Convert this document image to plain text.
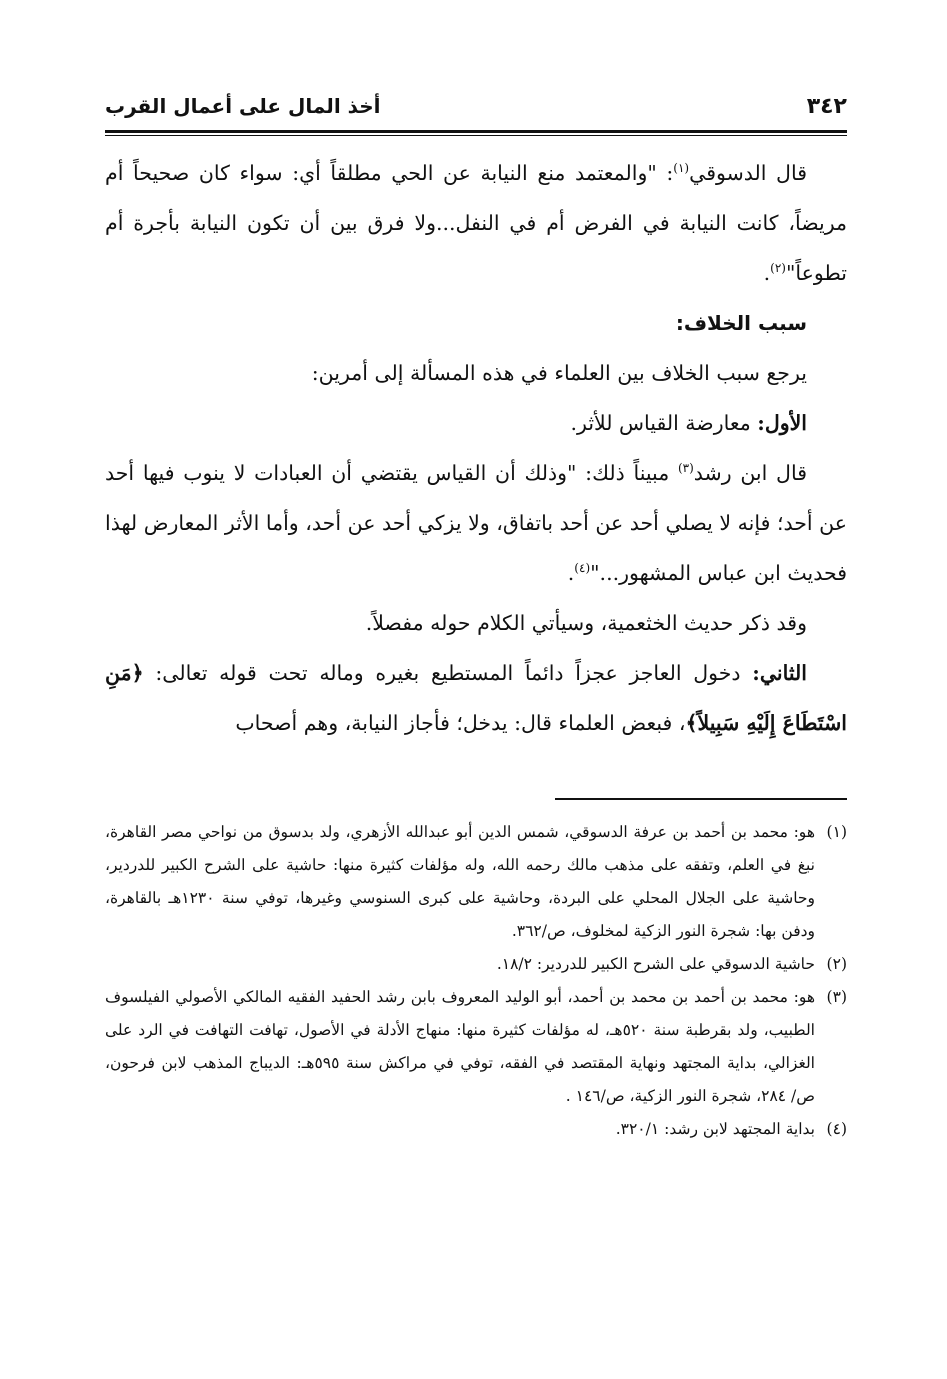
٣٤٢
أخذ المال على أعمال القرب

قال الدسوقي$^{(١)}$: "والمعتمد منع النيابة عن الحي مطلقاً أي: سواء كان صحيحاً أم مريضاً، كانت النيابة في الفرض أم في النفل...ولا فرق بين أن تكون النيابة بأجرة أم تطوعاً"$^{(٢)}$.

سبب الخلاف:

يرجع سبب الخلاف بين العلماء في هذه المسألة إلى أمرين:

الأول: معارضة القياس للأثر.

قال ابن رشد$^{(٣)}$ مبيناً ذلك: "وذلك أن القياس يقتضي أن العبادات لا ينوب فيها أحد عن أحد؛ فإنه لا يصلي أحد عن أحد باتفاق، ولا يزكي أحد عن أحد، وأما الأثر المعارض لهذا فحديث ابن عباس المشهور..."$^{(٤)}$.

وقد ذكر حديث الخثعمية، وسيأتي الكلام حوله مفصلاً.

الثاني: دخول العاجز عجزاً دائماً المستطيع بغيره وماله تحت قوله تعالى: ﴿مَنِ اسْتَطَاعَ إِلَيْهِ سَبِيلاً﴾، فبعض العلماء قال: يدخل؛ فأجاز النيابة، وهم أصحاب

(١)هو: محمد بن أحمد بن عرفة الدسوقي، شمس الدين أبو عبدالله الأزهري، ولد بدسوق من نواحي مصر القاهرة، نبغ في العلم، وتفقه على مذهب مالك رحمه الله، وله مؤلفات كثيرة منها: حاشية على الشرح الكبير للدردير، وحاشية على الجلال المحلي على البردة، وحاشية على كبرى السنوسي وغيرها، توفي سنة ١٢٣٠هـ بالقاهرة، ودفن بها: شجرة النور الزكية لمخلوف، ص/٣٦٢.

(٢)حاشية الدسوقي على الشرح الكبير للدردير: ١٨/٢.

(٣)هو: محمد بن أحمد بن محمد بن أحمد، أبو الوليد المعروف بابن رشد الحفيد الفقيه المالكي الأصولي الفيلسوف الطبيب، ولد بقرطبة سنة ٥٢٠هـ، له مؤلفات كثيرة منها: منهاج الأدلة في الأصول، تهافت التهافت في الرد على الغزالي، بداية المجتهد ونهاية المقتصد في الفقه، توفي في مراكش سنة ٥٩٥هـ: الديباج المذهب لابن فرحون، ص/ ٢٨٤، شجرة النور الزكية، ص/١٤٦ .

(٤)بداية المجتهد لابن رشد: ٣٢٠/١.
